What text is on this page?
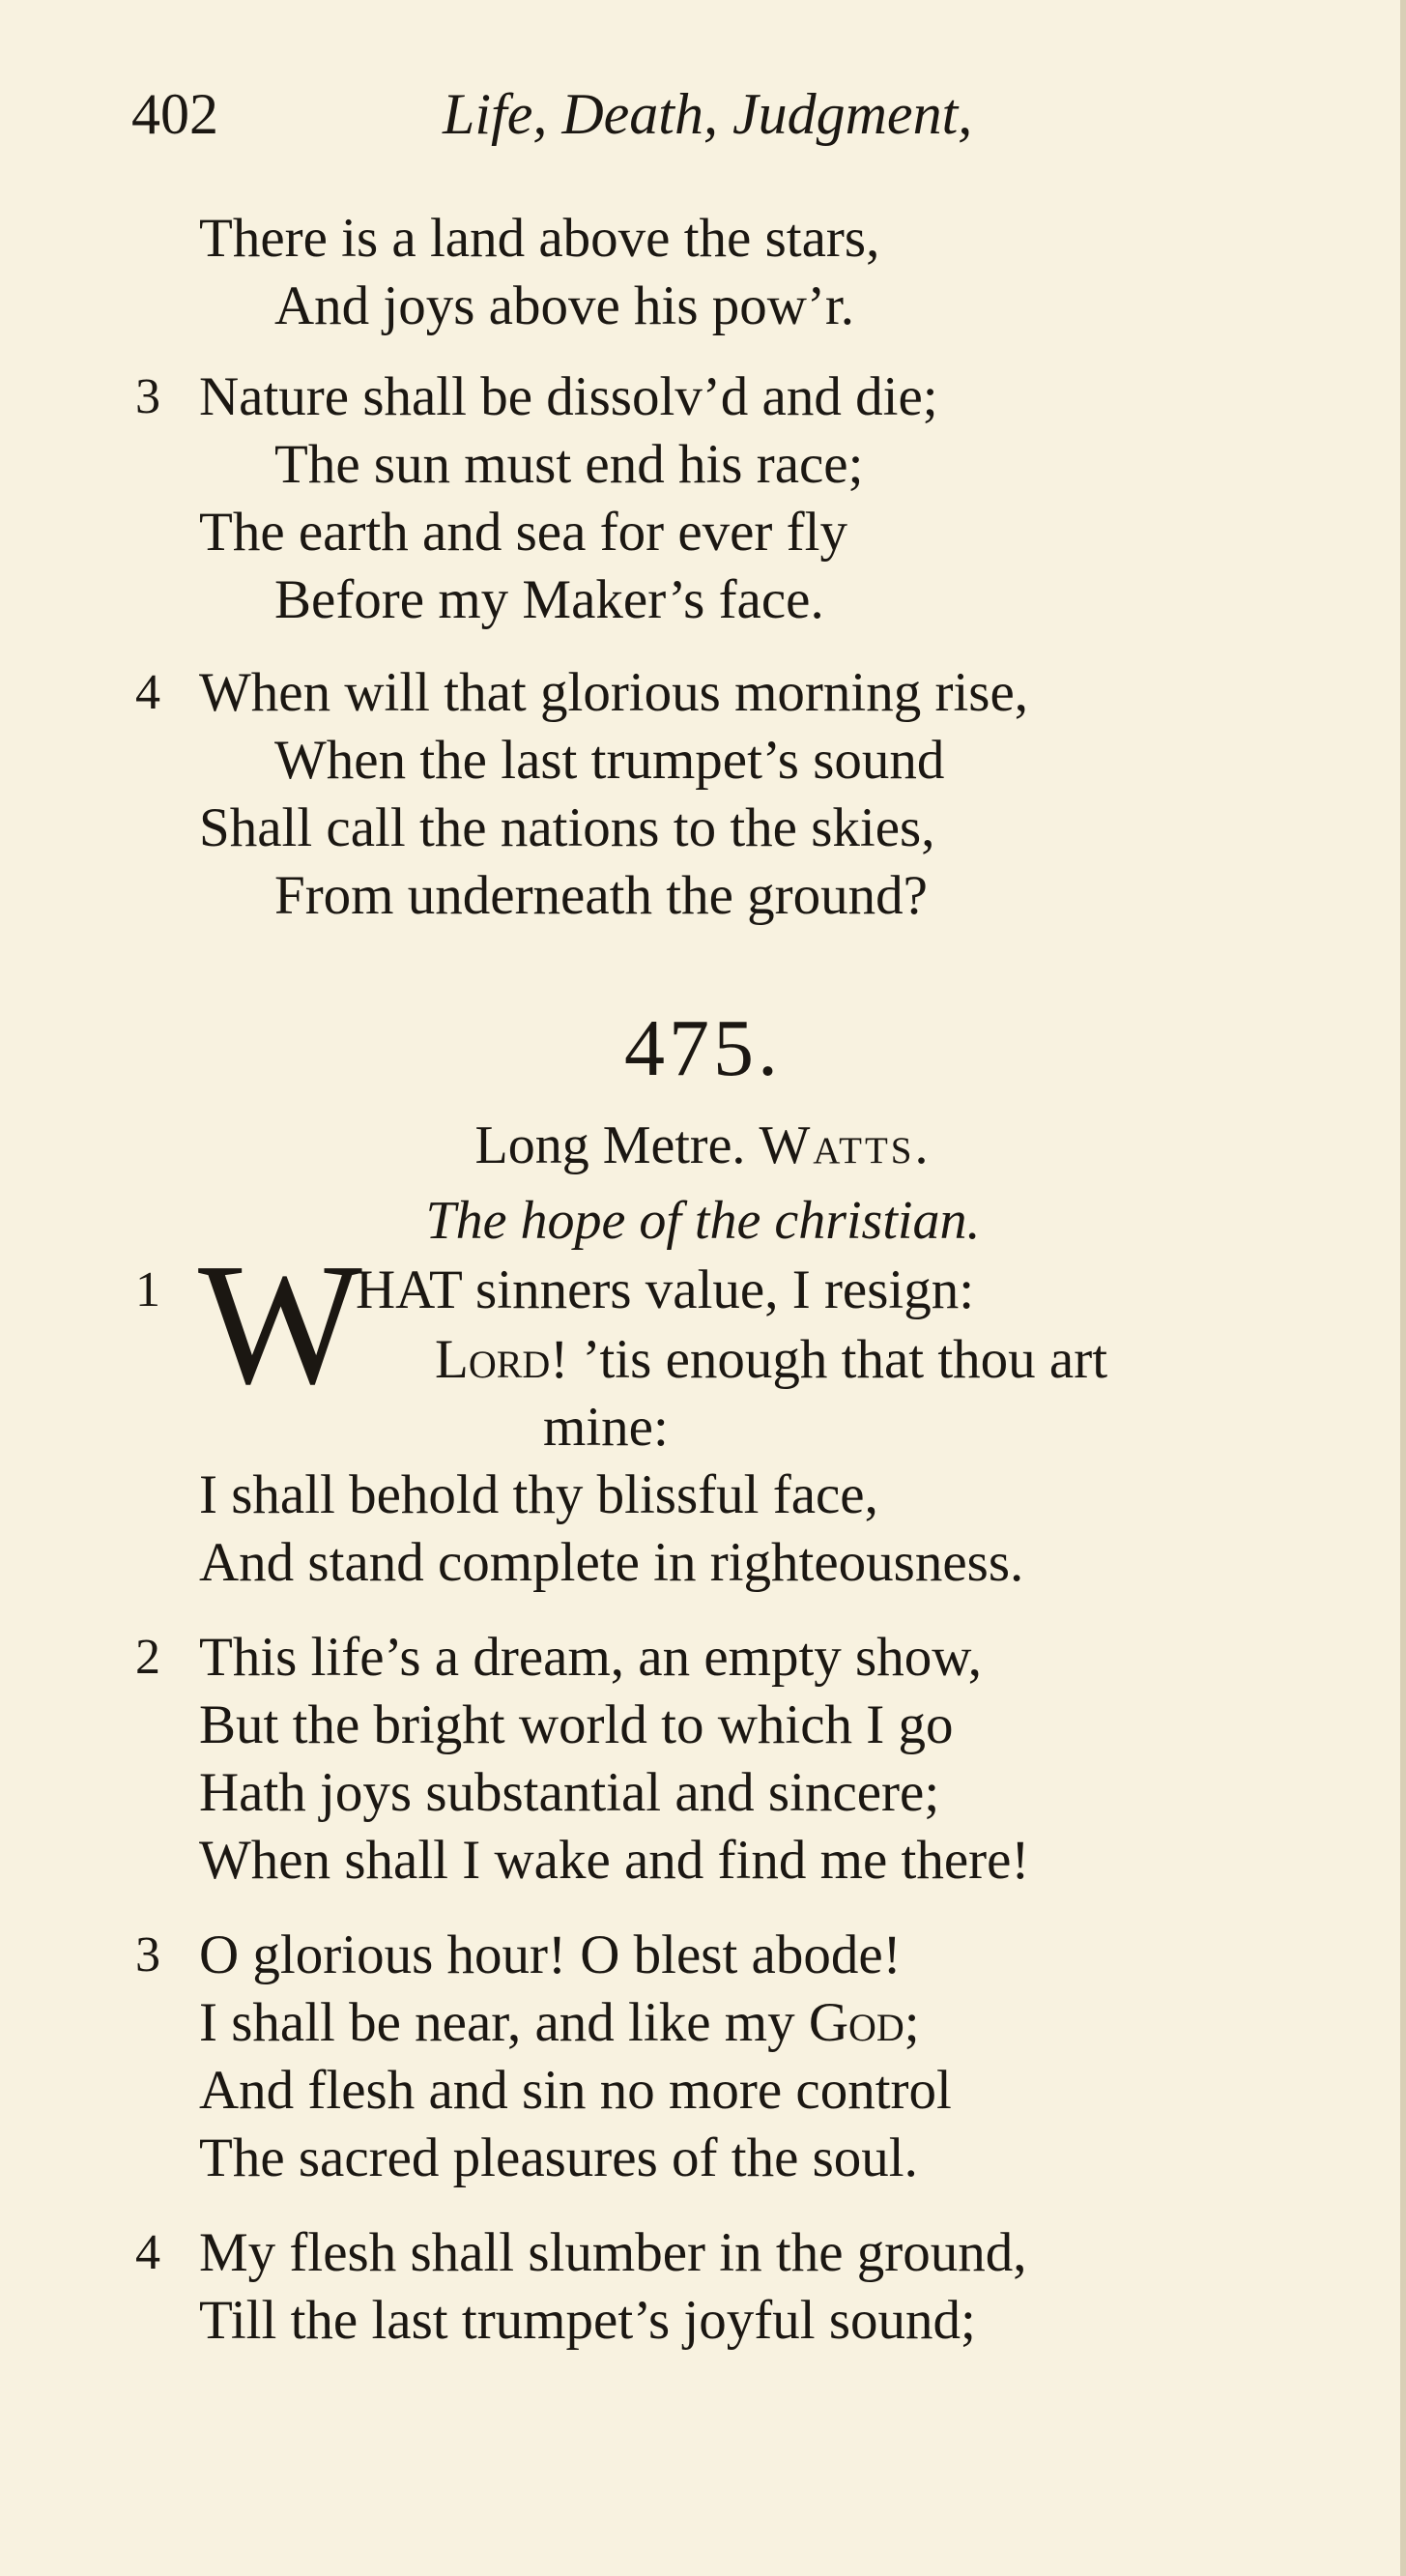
402	Life, Death, Judgment,
There is a land above the stars,
And joys above his pow’r.
3 Nature shall be dissolv’d and die;
The sun must end his race;
The earth and sea for ever fly
Before my Maker’s face.
4 When will that glorious morning rise,
When the last trumpet’s sound
Shall call the nations to the skies,
From underneath the ground?
475.
Long Metre. Watts.
The hope of the christian.
1 W
HAT sinners value, I resign:
Lord! ’tis enough that thou art
mine:
I shall behold thy blissful face,
And stand complete in righteousness.
2 This life’s a dream, an empty show,
But the bright world to which I go
Hath joys substantial and sincere;
When shall I wake and find me there!
3 O glorious hour! O blest abode!
I shall be near, and like my God;
And flesh and sin no more control
The sacred pleasures of the soul.
4 My flesh shall slumber in the ground,
Till the last trumpet’s joyful sound;
